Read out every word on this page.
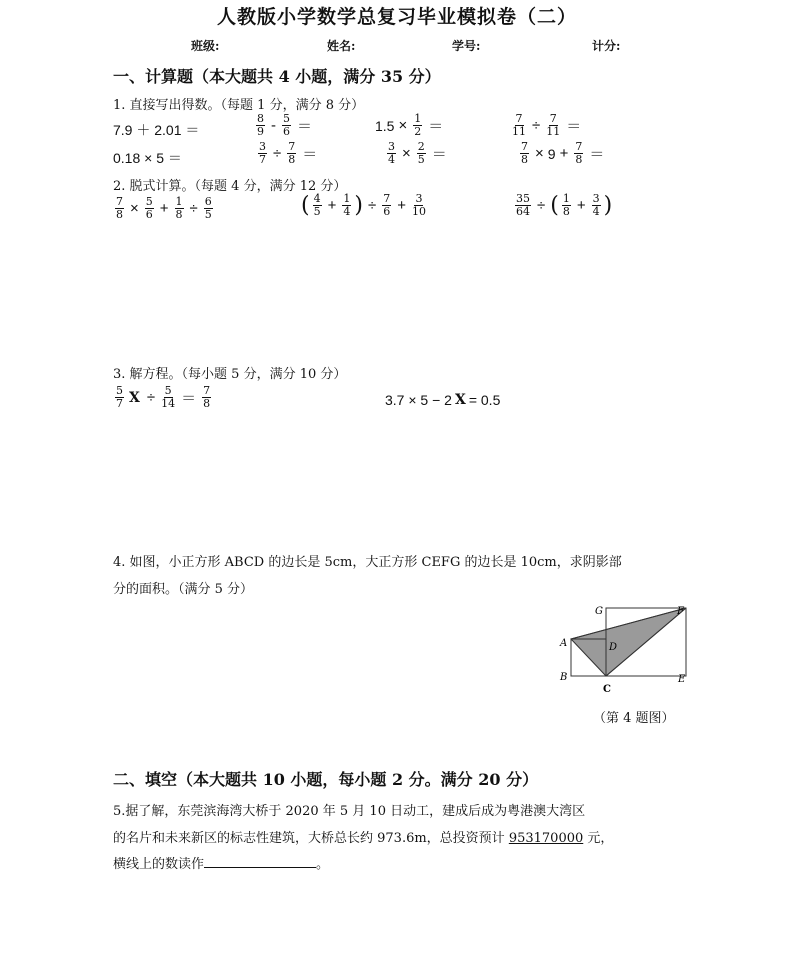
人教版小学数学总复习毕业模拟卷（二）
班级:	姓名:	学号:	计分:
一、计算题（本大题共 4 小题，满分 35 分）
1. 直接写出得数。（每题 1 分，满分 8 分）
7.9 ＋ 2.01 ＝	$\frac{8}{9} - \frac{5}{6}$ ＝	$1.5 \times \frac{1}{2}$ ＝	$\frac{7}{11} \div \frac{7}{11}$ ＝
0.18 × 5 ＝	$\frac{3}{7} \div \frac{7}{8}$ ＝	$\frac{3}{4} \times \frac{2}{5}$ ＝	$\frac{7}{8} \times 9 + \frac{7}{8}$ ＝
2. 脱式计算。（每题 4 分，满分 12 分）
$\frac{7}{8} \times \frac{5}{6} + \frac{1}{8} \div \frac{6}{5}$	( $\frac{4}{5} + \frac{1}{4}$ ) ÷ $\frac{7}{6} + \frac{3}{10}$	$\frac{35}{64}$ ÷ ( $\frac{1}{8} + \frac{3}{4}$ )
3. 解方程。（每小题 5 分，满分 10 分）
$\frac{5}{7}$ $X \div \frac{5}{14} = \frac{7}{8}$	3.7 × 5 − 2 X = 0.5
4. 如图，小正方形 ABCD 的边长是 5cm，大正方形 CEFG 的边长是 10cm，求阴影部
分的面积。（满分 5 分）
A
B
C
D
E
F
G
（第 4 题图）
二、填空（本大题共 10 小题，每小题 2 分。满分 20 分）
5.据了解，东莞滨海湾大桥于 2020 年 5 月 10 日动工，建成后成为粤港澳大湾区
的名片和未来新区的标志性建筑，大桥总长约 973.6m，总投资预计 953170000 元，
横线上的数读作	。
